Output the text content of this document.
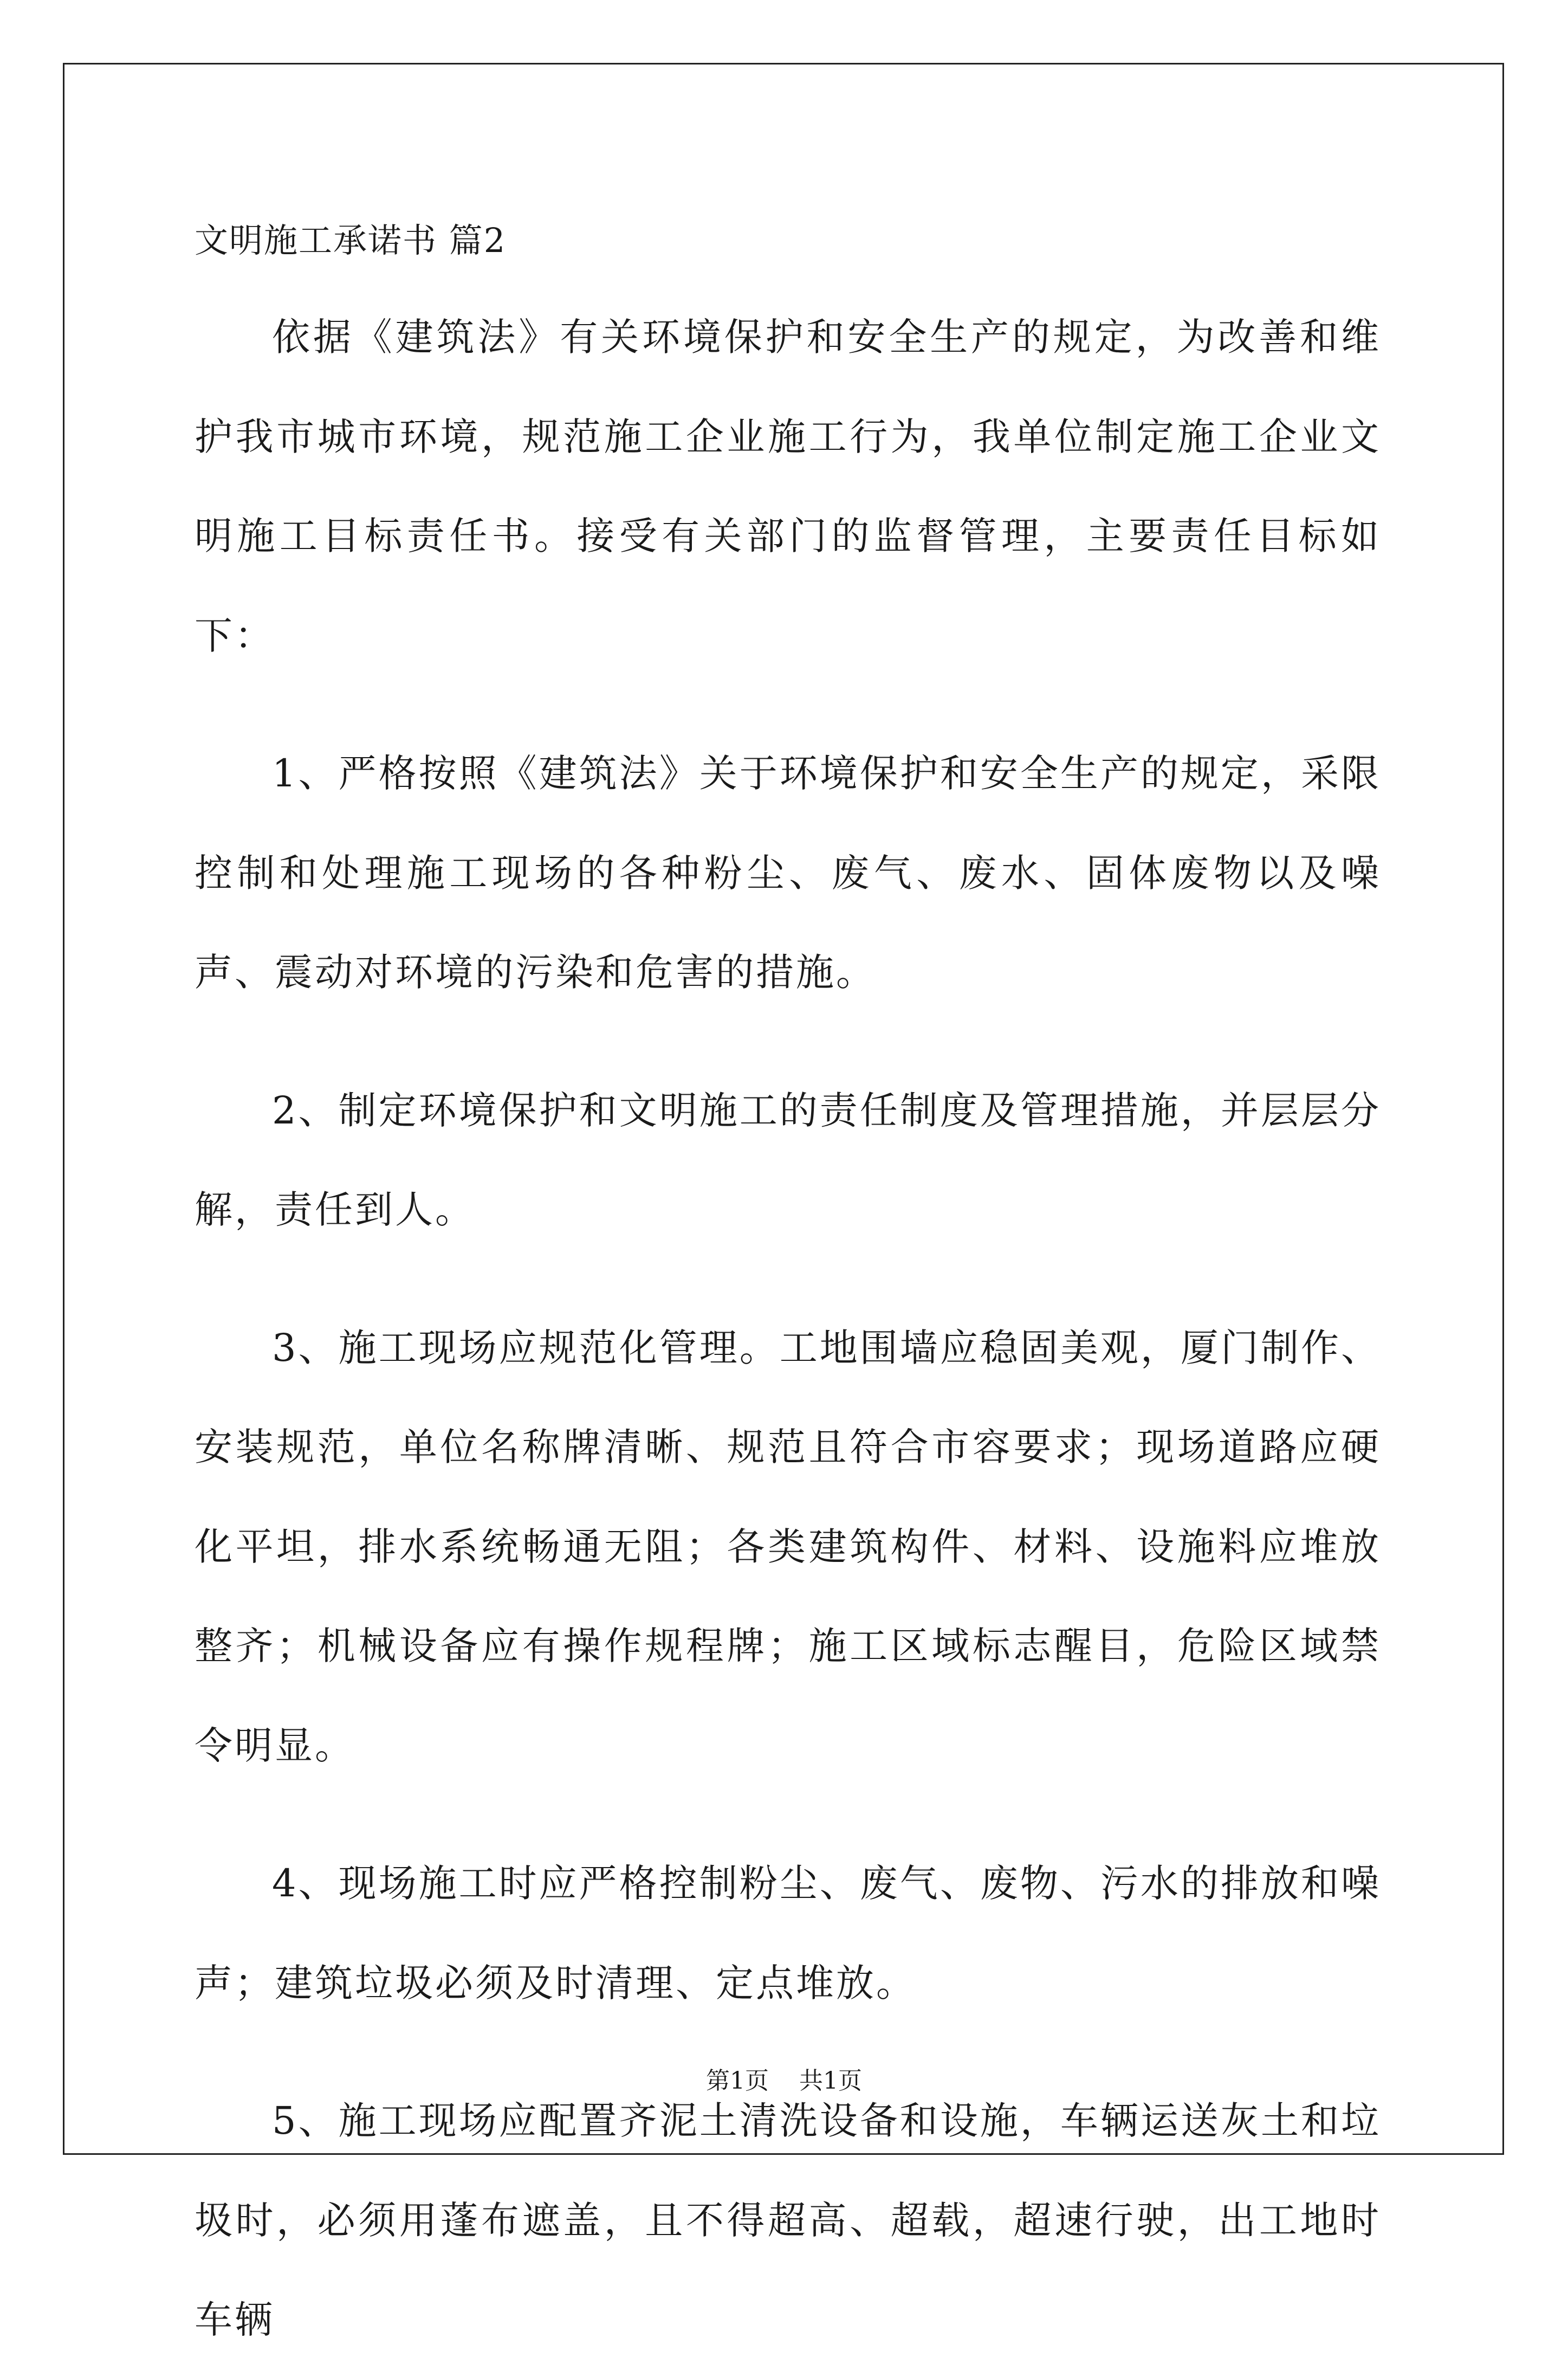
文明施工承诺书 篇2

依据《建筑法》有关环境保护和安全生产的规定，为改善和维护我市城市环境，规范施工企业施工行为，我单位制定施工企业文明施工目标责任书。接受有关部门的监督管理，主要责任目标如下：

1、严格按照《建筑法》关于环境保护和安全生产的规定，采限控制和处理施工现场的各种粉尘、废气、废水、固体废物以及噪声、震动对环境的污染和危害的措施。

2、制定环境保护和文明施工的责任制度及管理措施，并层层分解，责任到人。

3、施工现场应规范化管理。工地围墙应稳固美观，厦门制作、安装规范，单位名称牌清晰、规范且符合市容要求；现场道路应硬化平坦，排水系统畅通无阻；各类建筑构件、材料、设施料应堆放整齐；机械设备应有操作规程牌；施工区域标志醒目，危险区域禁令明显。

4、现场施工时应严格控制粉尘、废气、废物、污水的排放和噪声；建筑垃圾必须及时清理、定点堆放。

5、施工现场应配置齐泥土清洗设备和设施，车辆运送灰土和垃圾时，必须用蓬布遮盖，且不得超高、超载，超速行驶，出工地时车辆

第1页 共1页
